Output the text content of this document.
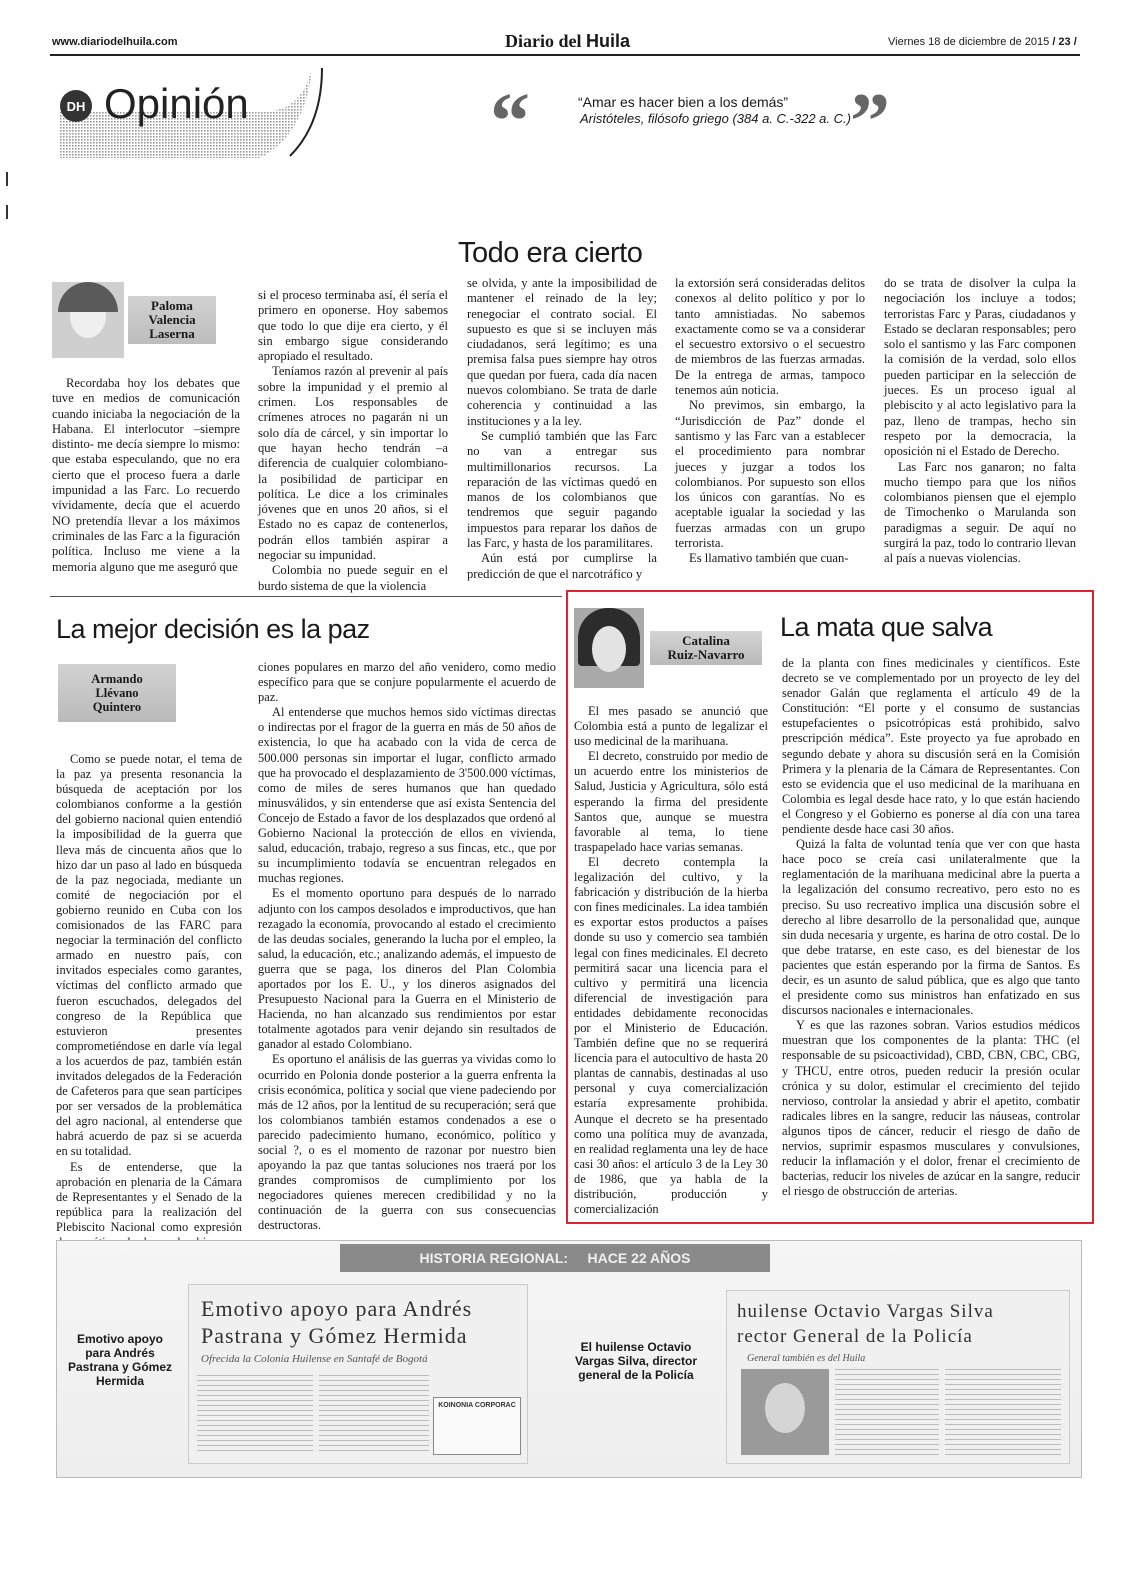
www.diariodelhuila.com	Diario del Huila	Viernes 18 de diciembre de 2015 / 23 /
DH Opinión	“	“Amar es hacer bien a los demás”
Aristóteles, filósofo griego (384 a. C.-322 a. C.) ”
Todo era cierto
Paloma
Valencia
Laserna

Recordaba hoy los debates que tuve en medios de comunicación cuando iniciaba la negociación de la Habana. El interlocutor –siempre distinto- me decía siempre lo mismo: que estaba especulando, que no era cierto que el proceso fuera a darle impunidad a las Farc. Lo recuerdo vívidamente, decía que el acuerdo NO pretendía llevar a los máximos criminales de las Farc a la figuración política. Incluso me viene a la memoria alguno que me aseguró que

si el proceso terminaba así, él sería el primero en oponerse. Hoy sabemos que todo lo que dije era cierto, y él sin embargo sigue considerando apropiado el resultado.

Teníamos razón al prevenir al país sobre la impunidad y el premio al crimen. Los responsables de crímenes atroces no pagarán ni un solo día de cárcel, y sin importar lo que hayan hecho tendrán –a diferencia de cualquier colombiano- la posibilidad de participar en política. Le dice a los criminales jóvenes que en unos 20 años, si el Estado no es capaz de contenerlos, podrán ellos también aspirar a negociar su impunidad.

Colombia no puede seguir en el burdo sistema de que la violencia

se olvida, y ante la imposibilidad de mantener el reinado de la ley; renegociar el contrato social. El supuesto es que si se incluyen más ciudadanos, será legítimo; es una premisa falsa pues siempre hay otros que quedan por fuera, cada día nacen nuevos colombiano. Se trata de darle coherencia y continuidad a las instituciones y a la ley.

Se cumplió también que las Farc no van a entregar sus multimillonarios recursos. La reparación de las víctimas quedó en manos de los colombianos que tendremos que seguir pagando impuestos para reparar los daños de las Farc, y hasta de los paramilitares.

Aún está por cumplirse la predicción de que el narcotráfico y

la extorsión será consideradas delitos conexos al delito político y por lo tanto amnistiadas. No sabemos exactamente como se va a considerar el secuestro extorsivo o el secuestro de miembros de las fuerzas armadas. De la entrega de armas, tampoco tenemos aún noticia.

No previmos, sin embargo, la “Jurisdicción de Paz” donde el santismo y las Farc van a establecer el procedimiento para nombrar jueces y juzgar a todos los colombianos. Por supuesto son ellos los únicos con garantías. No es aceptable igualar la sociedad y las fuerzas armadas con un grupo terrorista.

Es llamativo también que cuan-

do se trata de disolver la culpa la negociación los incluye a todos; terroristas Farc y Paras, ciudadanos y Estado se declaran responsables; pero solo el santismo y las Farc componen la comisión de la verdad, solo ellos pueden participar en la selección de jueces. Es un proceso igual al plebiscito y al acto legislativo para la paz, lleno de trampas, hecho sin respeto por la democracia, la oposición ni el Estado de Derecho.

Las Farc nos ganaron; no falta mucho tiempo para que los niños colombianos piensen que el ejemplo de Timochenko o Marulanda son paradigmas a seguir. De aquí no surgirá la paz, todo lo contrario llevan al país a nuevas violencias.

La mejor decisión es la paz
Armando
Llévano
Quintero

Como se puede notar, el tema de la paz ya presenta resonancia la búsqueda de aceptación por los colombianos conforme a la gestión del gobierno nacional quien entendió la imposibilidad de la guerra que lleva más de cincuenta años que lo hizo dar un paso al lado en búsqueda de la paz negociada, mediante un comité de negociación por el gobierno reunido en Cuba con los comisionados de las FARC para negociar la terminación del conflicto armado en nuestro país, con invitados especiales como garantes, víctimas del conflicto armado que fueron escuchados, delegados del congreso de la República que estuvieron presentes comprometiéndose en darle vía legal a los acuerdos de paz, también están invitados delegados de la Federación de Cafeteros para que sean partícipes por ser versados de la problemática del agro nacional, al entenderse que habrá acuerdo de paz si se acuerda en su totalidad.

Es de entenderse, que la aprobación en plenaria de la Cámara de Representantes y el Senado de la república para la realización del Plebiscito Nacional como expresión

ciones populares en marzo del año venidero, como medio específico para que se conjure popularmente el acuerdo de paz.

Al entenderse que muchos hemos sido víctimas directas o indirectas por el fragor de la guerra en más de 50 años de existencia, lo que ha acabado con la vida de cerca de 500.000 personas sin importar el lugar, conflicto armado que ha provocado el desplazamiento de 3'500.000 víctimas, como de miles de seres humanos que han quedado minusválidos, y sin entenderse que así exista Sentencia del Concejo de Estado a favor de los desplazados que ordenó al Gobierno Nacional la protección de ellos en vivienda, salud, educación, trabajo, regreso a sus fincas, etc., que por su incumplimiento todavía se encuentran relegados en muchas regiones.

Es el momento oportuno para después de lo narrado adjunto con los campos desolados e improductivos, que han rezagado la economía, provocando al estado el crecimiento de las deudas sociales, generando la lucha por el empleo, la salud, la educación, etc.; analizando además, el impuesto de guerra que se paga, los dineros del Plan Colombia aportados por los E. U., y los dineros asignados del Presupuesto Nacional para la Guerra en el Ministerio de Hacienda, no han alcanzado sus rendimientos por estar totalmente agotados para venir dejando sin resultados de ganador al estado Colombiano.

Es oportuno el análisis de las guerras ya vividas como lo ocurrido en Polonia donde posterior a la guerra enfrenta la crisis económica, política y social que viene padeciendo por más de 12 años, por la lentitud de su recuperación; será que los colombianos también estamos condenados a ese o parecido padecimiento humano, económico, político y social ?, o es el momento de razonar por nuestro bien apoyando la paz que tantas soluciones nos traerá por los grandes compromisos de cumplimiento por los negociadores quienes merecen credibilidad y no la continuación de la guerra con sus consecuencias destructoras.

Catalina
Ruiz-Navarro
La mata que salva

El mes pasado se anunció que Colombia está a punto de legalizar el uso medicinal de la marihuana.

El decreto, construido por medio de un acuerdo entre los ministerios de Salud, Justicia y Agricultura, sólo está esperando la firma del presidente Santos que, aunque se muestra favorable al tema, lo tiene traspapelado hace varias semanas.

El decreto contempla la legalización del cultivo, y la fabricación y distribución de la hierba con fines medicinales. La idea también es exportar estos productos a países donde su uso y comercio sea también legal con fines medicinales. El decreto permitirá sacar una licencia para el cultivo y permitirá una licencia diferencial de investigación para entidades debidamente reconocidas por el Ministerio de Educación. También define que no se requerirá licencia para el autocultivo de hasta 20 plantas de cannabis, destinadas al uso personal y cuya comercialización estaría expresamente prohibida. Aunque el decreto se ha presentado como una política muy de avanzada, en realidad reglamenta una ley de hace casi 30 años: el artículo 3 de la Ley 30 de 1986, que ya habla de la distribución, producción y comercialización

de la planta con fines medicinales y científicos. Este decreto se ve complementado por un proyecto de ley del senador Galán que reglamenta el artículo 49 de la Constitución: “El porte y el consumo de sustancias estupefacientes o psicotrópicas está prohibido, salvo prescripción médica”. Este proyecto ya fue aprobado en segundo debate y ahora su discusión será en la Comisión Primera y la plenaria de la Cámara de Representantes. Con esto se evidencia que el uso medicinal de la marihuana en Colombia es legal desde hace rato, y lo que están haciendo el Congreso y el Gobierno es ponerse al día con una tarea pendiente desde hace casi 30 años.

Quizá la falta de voluntad tenía que ver con que hasta hace poco se creía casi unilateralmente que la reglamentación de la marihuana medicinal abre la puerta a la legalización del consumo recreativo, pero esto no es preciso. Su uso recreativo implica una discusión sobre el derecho al libre desarrollo de la personalidad que, aunque sin duda necesaria y urgente, es harina de otro costal. De lo que debe tratarse, en este caso, es del bienestar de los pacientes que están esperando por la firma de Santos. Es decir, es un asunto de salud pública, que es algo que tanto el presidente como sus ministros han enfatizado en sus discursos nacionales e internacionales.

Y es que las razones sobran. Varios estudios médicos muestran que los componentes de la planta: THC (el responsable de su psicoactividad), CBD, CBN, CBC, CBG, y THCU, entre otros, pueden reducir la presión ocular crónica y su dolor, estimular el crecimiento del tejido nervioso, controlar la ansiedad y abrir el apetito, combatir radicales libres en la sangre, reducir las náuseas, controlar algunos tipos de cáncer, reducir el riesgo de daño de nervios, suprimir espasmos musculares y convulsiones, reducir la inflamación y el dolor, frenar el crecimiento de bacterias, reducir los niveles de azúcar en la sangre, reducir el riesgo de obstrucción de arterias.

HISTORIA REGIONAL:     HACE 22 AÑOS
Emotivo apoyo para Andrés Pastrana y Gómez Hermida
Emotivo apoyo para Andrés Pastrana y Gómez Hermida
Ofrecida la Colonia Huilense en Santafé de Bogotá
KOINONIA CORPORAC
El huilense Octavio Vargas Silva, director general de la Policía
huilense Octavio Vargas Silva rector General de la Policía
General también es del Huila
